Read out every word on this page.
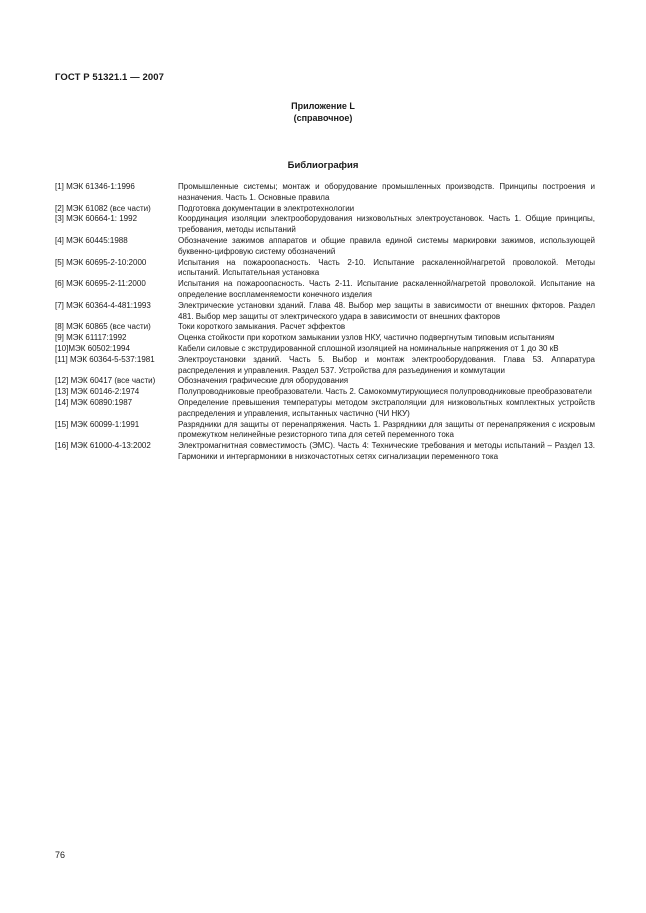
ГОСТ Р 51321.1 — 2007
Приложение L
(справочное)
Библиография
[1] МЭК 61346-1:1996	Промышленные системы; монтаж и оборудование промышленных производств. Принципы построения и назначения. Часть 1. Основные правила
[2] МЭК 61082 (все части)	Подготовка документации в электротехнологии
[3] МЭК 60664-1: 1992	Координация изоляции электрооборудования низковольтных электроустановок. Часть 1. Общие принципы, требования, методы испытаний
[4] МЭК 60445:1988	Обозначение зажимов аппаратов и общие правила единой системы маркировки зажимов, использующей буквенно-цифровую систему обозначений
[5] МЭК 60695-2-10:2000	Испытания на пожароопасность. Часть 2-10. Испытание раскаленной/нагретой проволокой. Методы испытаний. Испытательная установка
[6] МЭК 60695-2-11:2000	Испытания на пожароопасность. Часть 2-11. Испытание раскаленной/нагретой проволокой. Испытание на определение воспламеняемости конечного изделия
[7] МЭК 60364-4-481:1993	Электрические установки зданий. Глава 48. Выбор мер защиты в зависимости от внешних фкторов. Раздел 481. Выбор мер защиты от электрического удара в зависимости от внешних факторов
[8] МЭК 60865 (все части)	Токи короткого замыкания. Расчет эффектов
[9] МЭК 61117:1992	Оценка стойкости при коротком замыкании узлов НКУ, частично подвергнутым типовым испытаниям
[10]МЭК 60502:1994	Кабели силовые с экструдированной сплошной изоляцией на номинальные напряжения от 1 до 30 кВ
[11] МЭК 60364-5-537:1981	Электроустановки зданий. Часть 5. Выбор и монтаж электрооборудования. Глава 53. Аппаратура распределения и управления. Раздел 537. Устройства для разъединения и коммутации
[12] МЭК 60417 (все части)	Обозначения графические для оборудования
[13] МЭК 60146-2:1974	Полупроводниковые преобразователи. Часть 2. Самокоммутирующиеся полупроводниковые преобразователи
[14] МЭК 60890:1987	Определение превышения температуры методом экстраполяции для низковольтных комплектных устройств распределения и управления, испытанных частично (ЧИ НКУ)
[15] МЭК 60099-1:1991	Разрядники для защиты от перенапряжения. Часть 1. Разрядники для защиты от перенапряжения с искровым промежутком нелинейные резисторного типа для сетей переменного тока
[16] МЭК 61000-4-13:2002	Электромагнитная совместимость (ЭМС). Часть 4: Технические требования и методы испытаний – Раздел 13. Гармоники и интергармоники в низкочастотных сетях сигнализации переменного тока
76
